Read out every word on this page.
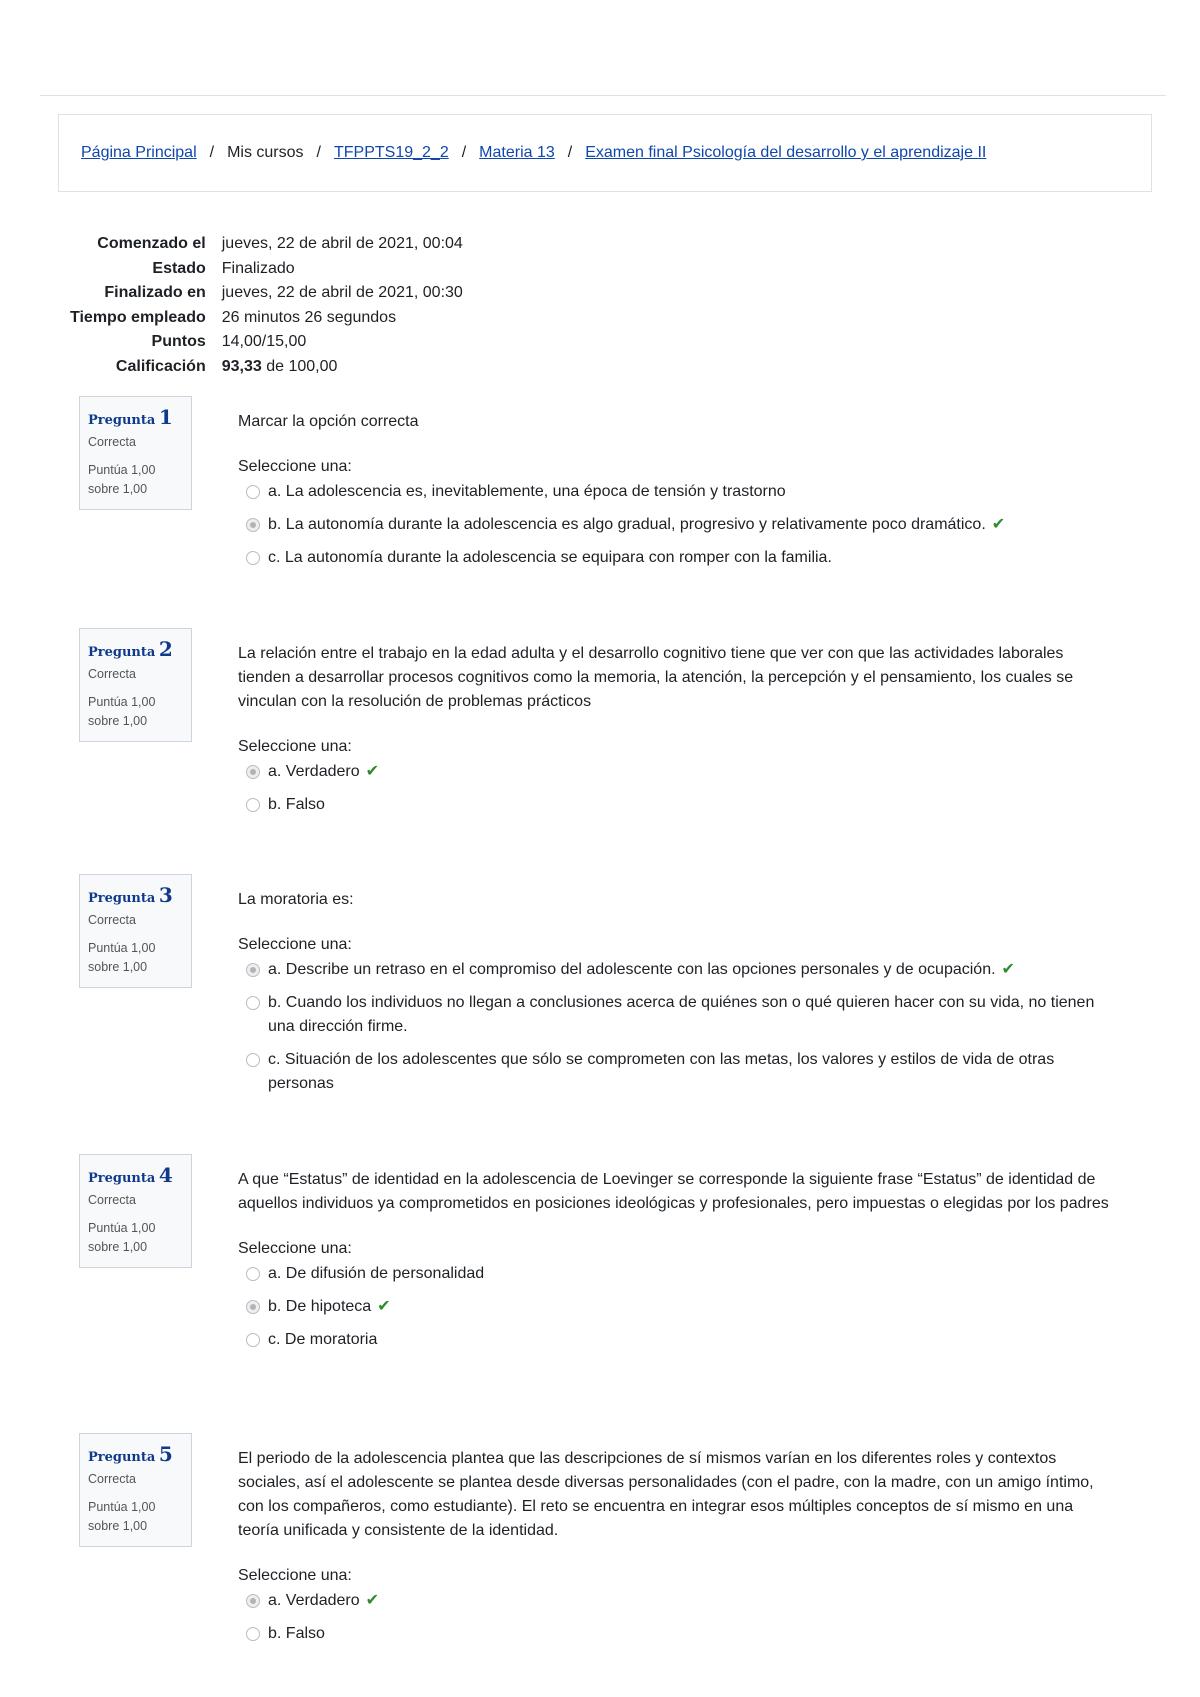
Página Principal / Mis cursos / TFPPTS19_2_2 / Materia 13 / Examen final Psicología del desarrollo y el aprendizaje II
Comenzado el	jueves, 22 de abril de 2021, 00:04
Estado	Finalizado
Finalizado en	jueves, 22 de abril de 2021, 00:30
Tiempo empleado	26 minutos 26 segundos
Puntos	14,00/15,00
Calificación	93,33 de 100,00
Pregunta 1
Correcta
Puntúa 1,00
sobre 1,00
Marcar la opción correcta
Seleccione una:
a. La adolescencia es, inevitablemente, una época de tensión y trastorno
b. La autonomía durante la adolescencia es algo gradual, progresivo y relativamente poco dramático. ✔
c. La autonomía durante la adolescencia se equipara con romper con la familia.
Pregunta 2
Correcta
Puntúa 1,00
sobre 1,00
La relación entre el trabajo en la edad adulta y el desarrollo cognitivo tiene que ver con que las actividades laborales tienden a desarrollar procesos cognitivos como la memoria, la atención, la percepción y el pensamiento, los cuales se vinculan con la resolución de problemas prácticos
Seleccione una:
a. Verdadero ✔
b. Falso
Pregunta 3
Correcta
Puntúa 1,00
sobre 1,00
La moratoria es:
Seleccione una:
a. Describe un retraso en el compromiso del adolescente con las opciones personales y de ocupación. ✔
b. Cuando los individuos no llegan a conclusiones acerca de quiénes son o qué quieren hacer con su vida, no tienen una dirección firme.
c. Situación de los adolescentes que sólo se comprometen con las metas, los valores y estilos de vida de otras personas
Pregunta 4
Correcta
Puntúa 1,00
sobre 1,00
A que “Estatus” de identidad en la adolescencia de Loevinger se corresponde la siguiente frase “Estatus” de identidad de aquellos individuos ya comprometidos en posiciones ideológicas y profesionales, pero impuestas o elegidas por los padres
Seleccione una:
a. De difusión de personalidad
b. De hipoteca ✔
c. De moratoria
Pregunta 5
Correcta
Puntúa 1,00
sobre 1,00
El periodo de la adolescencia plantea que las descripciones de sí mismos varían en los diferentes roles y contextos sociales, así el adolescente se plantea desde diversas personalidades (con el padre, con la madre, con un amigo íntimo, con los compañeros, como estudiante). El reto se encuentra en integrar esos múltiples conceptos de sí mismo en una teoría unificada y consistente de la identidad.
Seleccione una:
a. Verdadero ✔
b. Falso
